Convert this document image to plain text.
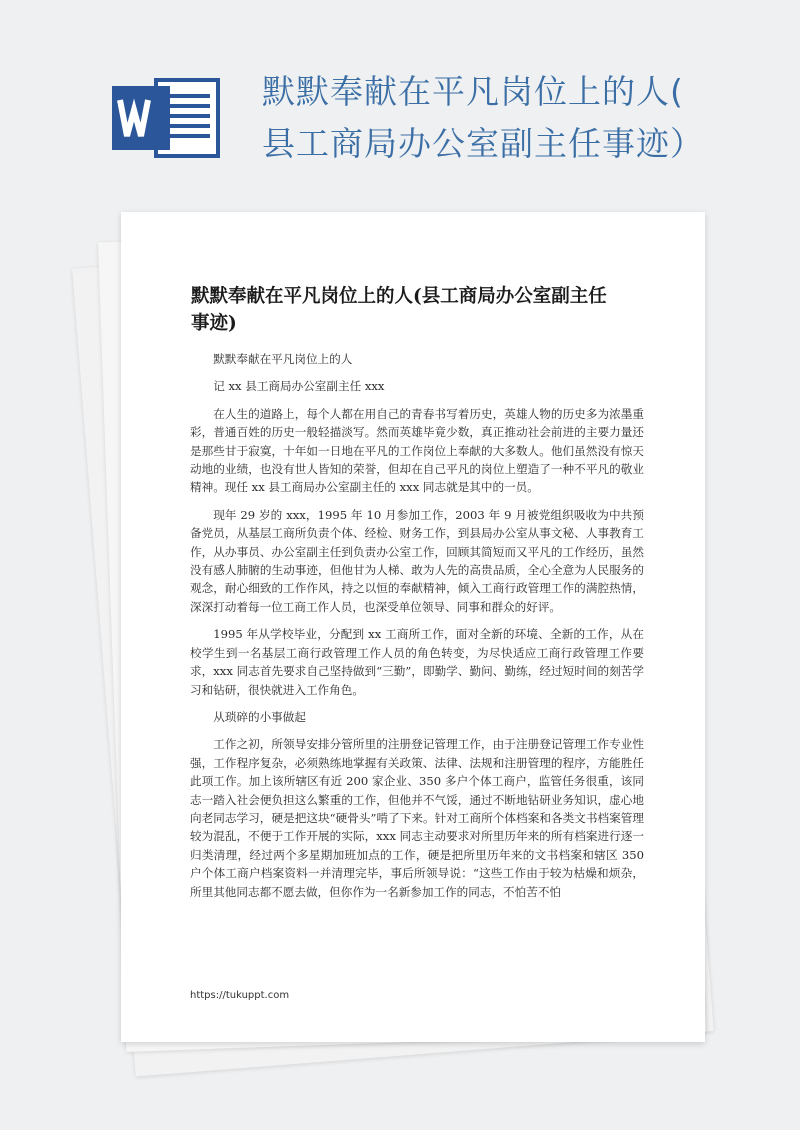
默默奉献在平凡岗位上的人(
县工商局办公室副主任事迹）
默默奉献在平凡岗位上的人(县工商局办公室副主任
事迹)

默默奉献在平凡岗位上的人

记 xx 县工商局办公室副主任 xxx

在人生的道路上，每个人都在用自己的青春书写着历史，英雄人物的历史多为浓墨重彩，普通百姓的历史一般轻描淡写。然而英雄毕竟少数，真正推动社会前进的主要力量还是那些甘于寂寞，十年如一日地在平凡的工作岗位上奉献的大多数人。他们虽然没有惊天动地的业绩，也没有世人皆知的荣誉，但却在自己平凡的岗位上塑造了一种不平凡的敬业精神。现任 xx 县工商局办公室副主任的 xxx 同志就是其中的一员。

现年 29 岁的 xxx，1995 年 10 月参加工作，2003 年 9 月被党组织吸收为中共预备党员，从基层工商所负责个体、经检、财务工作，到县局办公室从事文秘、人事教育工作，从办事员、办公室副主任到负责办公室工作，回顾其简短而又平凡的工作经历，虽然没有感人肺腑的生动事迹，但他甘为人梯、敢为人先的高贵品质，全心全意为人民服务的观念，耐心细致的工作作风，持之以恒的奉献精神，倾入工商行政管理工作的满腔热情，深深打动着每一位工商工作人员，也深受单位领导、同事和群众的好评。

1995 年从学校毕业，分配到 xx 工商所工作，面对全新的环境、全新的工作，从在校学生到一名基层工商行政管理工作人员的角色转变，为尽快适应工商行政管理工作要求，xxx 同志首先要求自己坚持做到“三勤”，即勤学、勤问、勤练，经过短时间的刻苦学习和钻研，很快就进入工作角色。

从琐碎的小事做起

工作之初，所领导安排分管所里的注册登记管理工作，由于注册登记管理工作专业性强，工作程序复杂，必须熟练地掌握有关政策、法律、法规和注册管理的程序，方能胜任此项工作。加上该所辖区有近 200 家企业、350 多户个体工商户，监管任务很重，该同志一踏入社会便负担这么繁重的工作，但他并不气馁，通过不断地钻研业务知识，虚心地向老同志学习，硬是把这块“硬骨头”啃了下来。针对工商所个体档案和各类文书档案管理较为混乱，不便于工作开展的实际，xxx 同志主动要求对所里历年来的所有档案进行逐一归类清理，经过两个多星期加班加点的工作，硬是把所里历年来的文书档案和辖区 350 户个体工商户档案资料一并清理完毕，事后所领导说：“这些工作由于较为枯燥和烦杂，所里其他同志都不愿去做，但你作为一名新参加工作的同志，不怕苦不怕

https://tukuppt.com
